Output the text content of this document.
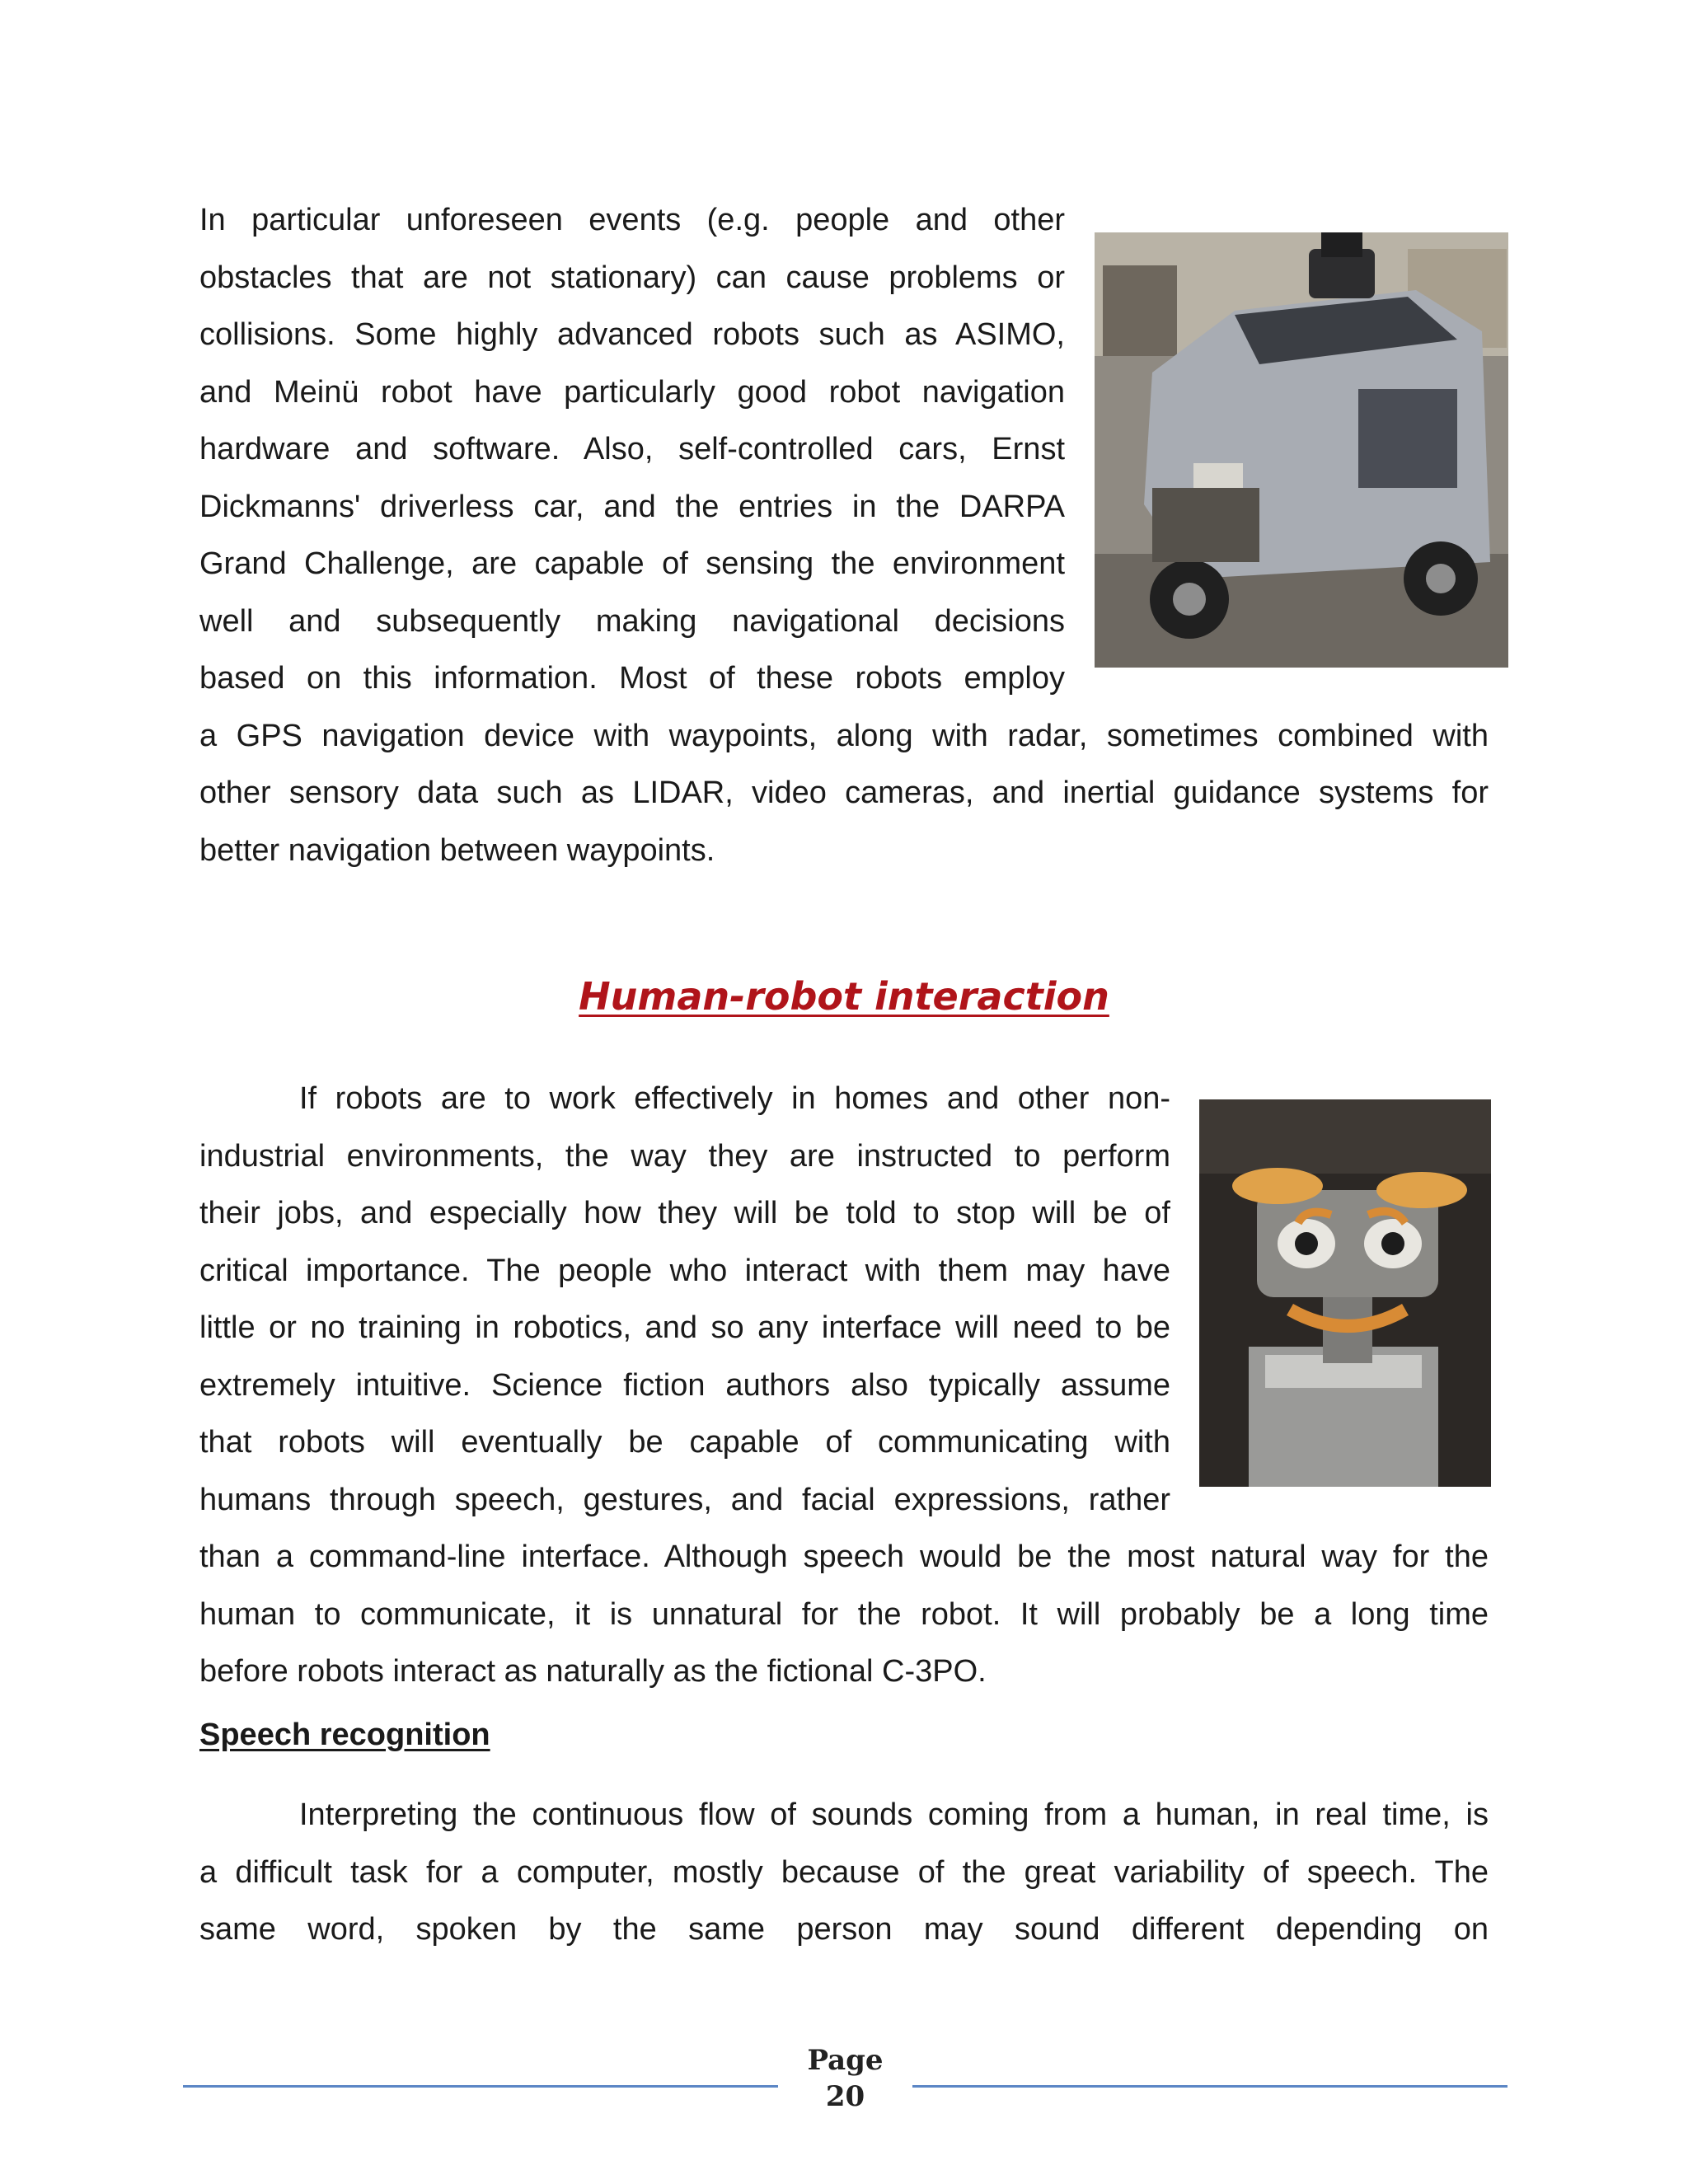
In particular unforeseen events (e.g. people and other
obstacles that are not stationary) can cause problems or
collisions. Some highly advanced robots such as ASIMO,
and Meinü robot have particularly good robot navigation
hardware and software. Also, self-controlled cars, Ernst
Dickmanns' driverless car, and the entries in the DARPA
Grand Challenge, are capable of sensing the environment
well and subsequently making navigational decisions
based on this information. Most of these robots employ
a GPS navigation device with waypoints, along with radar, sometimes combined with
other sensory data such as LIDAR, video cameras, and inertial guidance systems for
better navigation between waypoints.
Human-robot interaction
If robots are to work effectively in homes and other non-
industrial environments, the way they are instructed to perform
their jobs, and especially how they will be told to stop will be of
critical importance. The people who interact with them may have
little or no training in robotics, and so any interface will need to be
extremely intuitive. Science fiction authors also typically assume
that robots will eventually be capable of communicating with
humans through speech, gestures, and facial expressions, rather
than a command-line interface. Although speech would be the most natural way for the
human to communicate, it is unnatural for the robot. It will probably be a long time
before robots interact as naturally as the fictional C-3PO.
Speech recognition
Interpreting the continuous flow of sounds coming from a human, in real time, is
a difficult task for a computer, mostly because of the great variability of speech. The
same word, spoken by the same person may sound different depending on
Page
20
